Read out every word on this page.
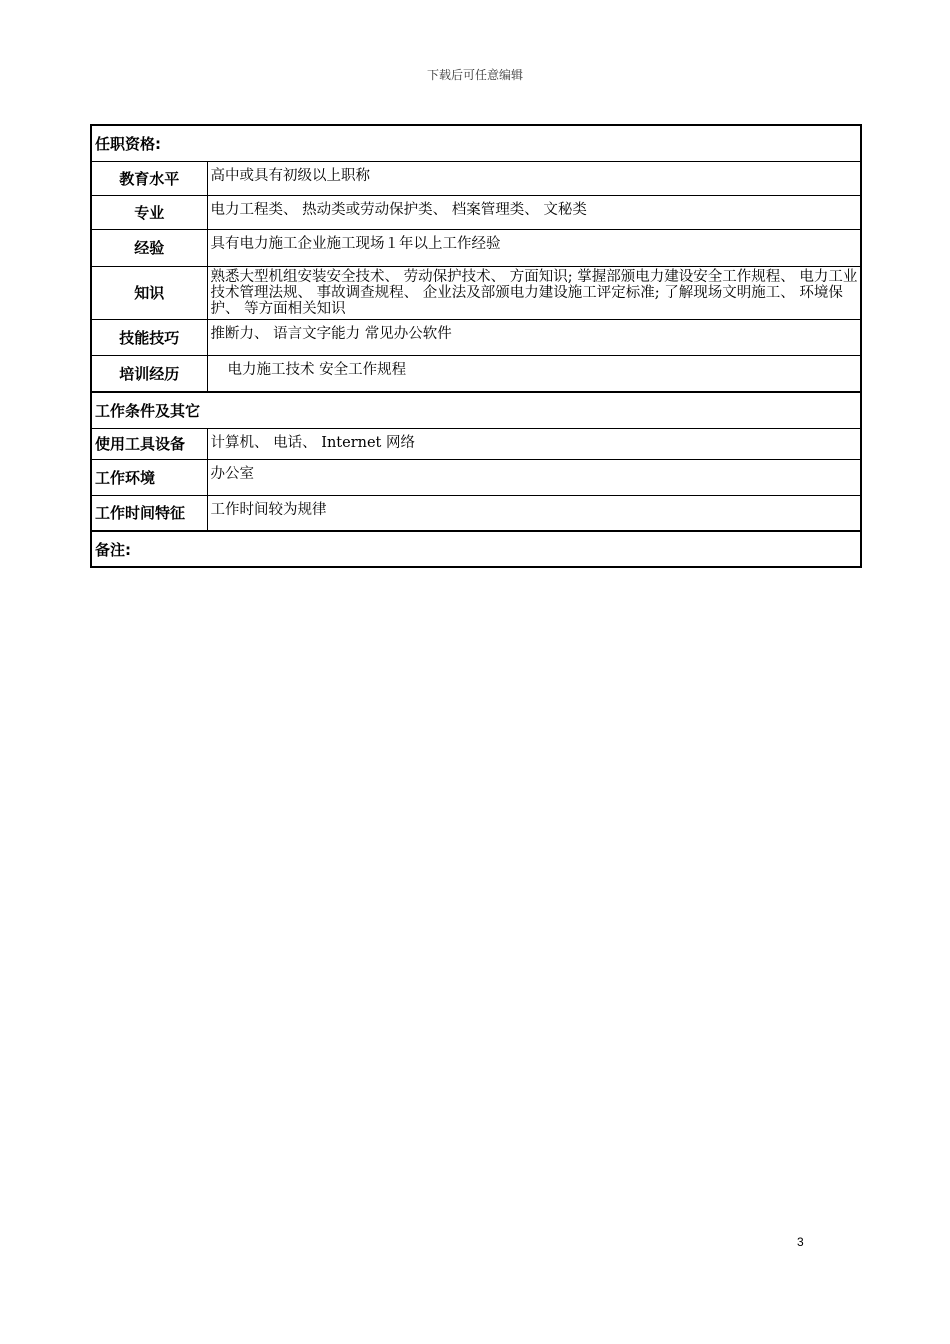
下载后可任意编辑
任职资格:	
教育水平	高中或具有初级以上职称
专业	电力工程类、 热动类或劳动保护类、 档案管理类、 文秘类
经验	具有电力施工企业施工现场１年以上工作经验
知识	熟悉大型机组安装安全技术、 劳动保护技术、 方面知识; 掌握部颁电力建设安全工作规程、 电力工业技术管理法规、 事故调查规程、 企业法及部颁电力建设施工评定标准; 了解现场文明施工、 环境保护、 等方面相关知识
技能技巧	推断力、 语言文字能力 常见办公软件
培训经历	电力施工技术 安全工作规程
工作条件及其它	
使用工具设备	计算机、 电话、 Internet 网络
工作环境	办公室
工作时间特征	工作时间较为规律
备注:	
3
